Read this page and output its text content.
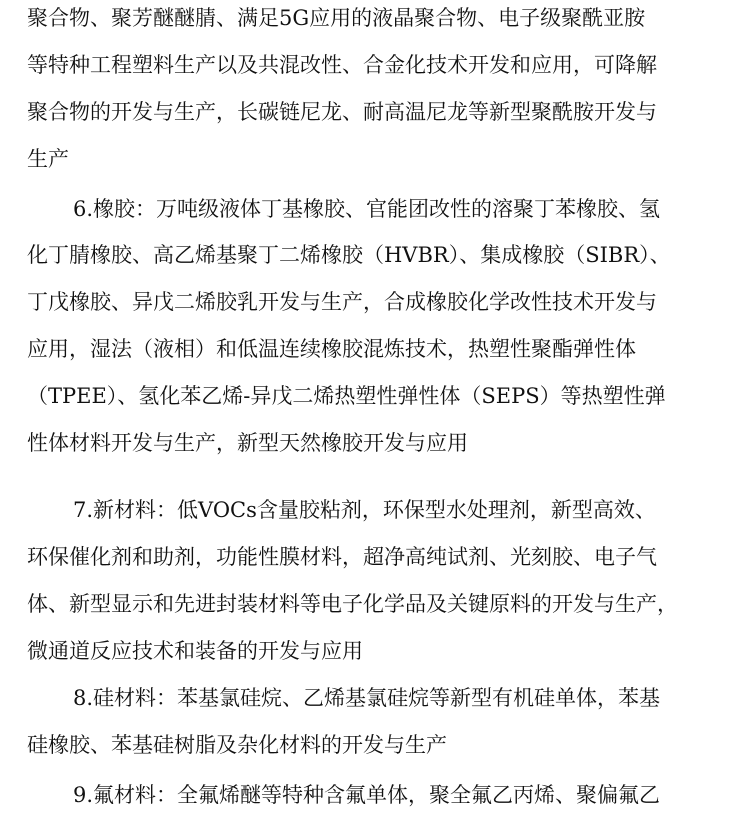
聚合物、聚芳醚醚腈、满足5G应用的液晶聚合物、电子级聚酰亚胺
等特种工程塑料生产以及共混改性、合金化技术开发和应用，可降解
聚合物的开发与生产，长碳链尼龙、耐高温尼龙等新型聚酰胺开发与
生产
6.橡胶：万吨级液体丁基橡胶、官能团改性的溶聚丁苯橡胶、氢
化丁腈橡胶、高乙烯基聚丁二烯橡胶（HVBR）、集成橡胶（SIBR）、
丁戊橡胶、异戊二烯胶乳开发与生产，合成橡胶化学改性技术开发与
应用，湿法（液相）和低温连续橡胶混炼技术，热塑性聚酯弹性体
（TPEE）、氢化苯乙烯-异戊二烯热塑性弹性体（SEPS）等热塑性弹
性体材料开发与生产，新型天然橡胶开发与应用
7.新材料：低VOCs含量胶粘剂，环保型水处理剂，新型高效、
环保催化剂和助剂，功能性膜材料，超净高纯试剂、光刻胶、电子气
体、新型显示和先进封装材料等电子化学品及关键原料的开发与生产，
微通道反应技术和装备的开发与应用
8.硅材料：苯基氯硅烷、乙烯基氯硅烷等新型有机硅单体，苯基
硅橡胶、苯基硅树脂及杂化材料的开发与生产
9.氟材料：全氟烯醚等特种含氟单体，聚全氟乙丙烯、聚偏氟乙
